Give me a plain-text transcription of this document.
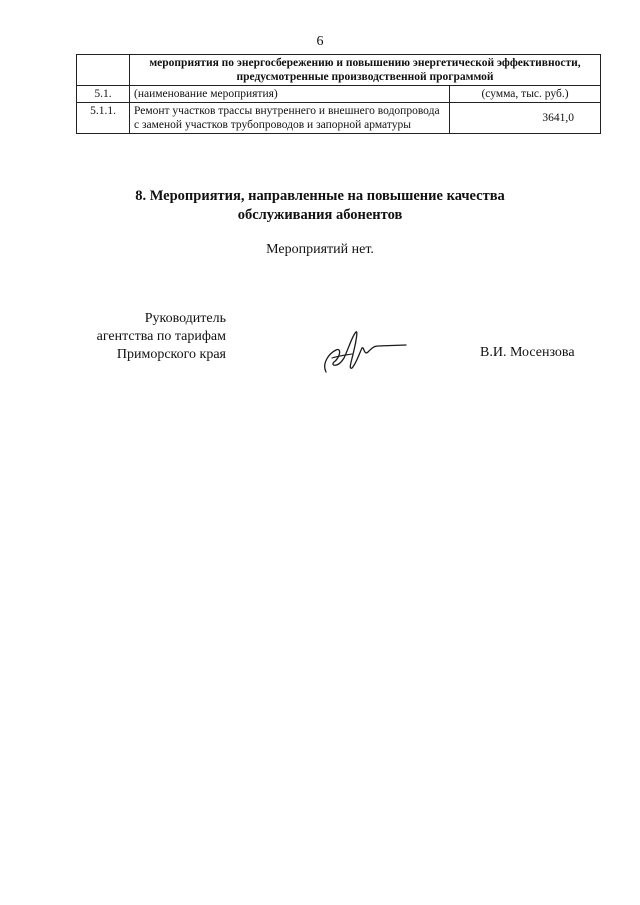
6
	мероприятия по энергосбережению и повышению энергетической эффективности, предусмотренные производственной программой	
5.1.	(наименование мероприятия)	(сумма, тыс. руб.)
5.1.1.	Ремонт участков трассы внутреннего и внешнего водопровода с заменой участков трубопроводов и запорной арматуры	3641,0
8. Мероприятия, направленные на повышение качества
обслуживания абонентов
Мероприятий нет.
Руководитель
агентства по тарифам
Приморского края	В.И. Мосензова
